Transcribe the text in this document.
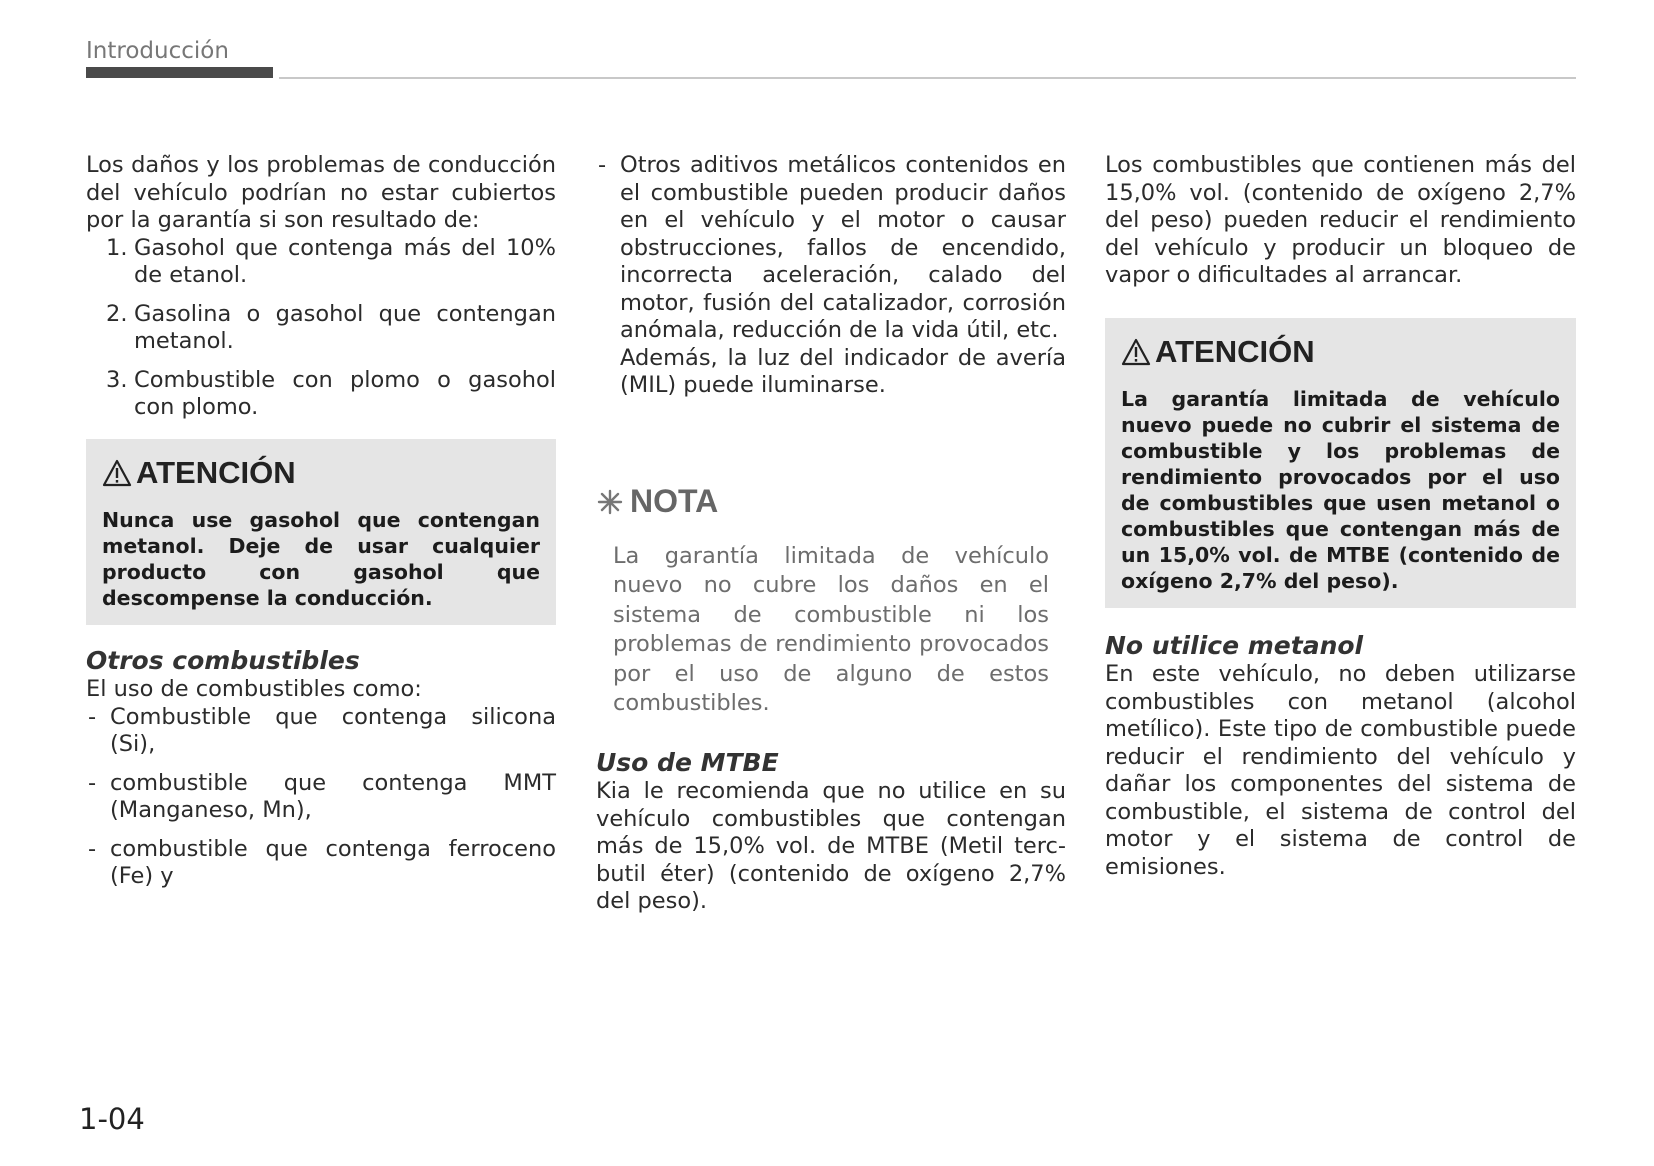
Introducción

Los daños y los problemas de conducción del vehículo podrían no estar cubiertos por la garantía si son resultado de:

1. Gasohol que contenga más del 10% de etanol.
2. Gasolina o gasohol que contengan metanol.
3. Combustible con plomo o gasohol con plomo.
ATENCIÓN
Nunca use gasohol que contengan metanol. Deje de usar cualquier producto con gasohol que descompense la conducción.
Otros combustibles

El uso de combustibles como:

- Combustible que contenga silicona (Si),
- combustible que contenga MMT (Manganeso, Mn),
- combustible que contenga ferroceno (Fe) y
- Otros aditivos metálicos contenidos en el combustible pueden producir daños en el vehículo y el motor o causar obstrucciones, fallos de encendido, incorrecta aceleración, calado del motor, fusión del catalizador, corrosión anómala, reducción de la vida útil, etc.
Además, la luz del indicador de avería (MIL) puede iluminarse.
NOTA
La garantía limitada de vehículo nuevo no cubre los daños en el sistema de combustible ni los problemas de rendimiento provocados por el uso de alguno de estos combustibles.
Uso de MTBE

Kia le recomienda que no utilice en su vehículo combustibles que contengan más de 15,0% vol. de MTBE (Metil terc-butil éter) (contenido de oxígeno 2,7% del peso).

Los combustibles que contienen más del 15,0% vol. (contenido de oxígeno 2,7% del peso) pueden reducir el rendimiento del vehículo y producir un bloqueo de vapor o dificultades al arrancar.

ATENCIÓN
La garantía limitada de vehículo nuevo puede no cubrir el sistema de combustible y los problemas de rendimiento provocados por el uso de combustibles que usen metanol o combustibles que contengan más de un 15,0% vol. de MTBE (contenido de oxígeno 2,7% del peso).
No utilice metanol

En este vehículo, no deben utilizarse combustibles con metanol (alcohol metílico). Este tipo de combustible puede reducir el rendimiento del vehículo y dañar los componentes del sistema de combustible, el sistema de control del motor y el sistema de control de emisiones.

1-04
